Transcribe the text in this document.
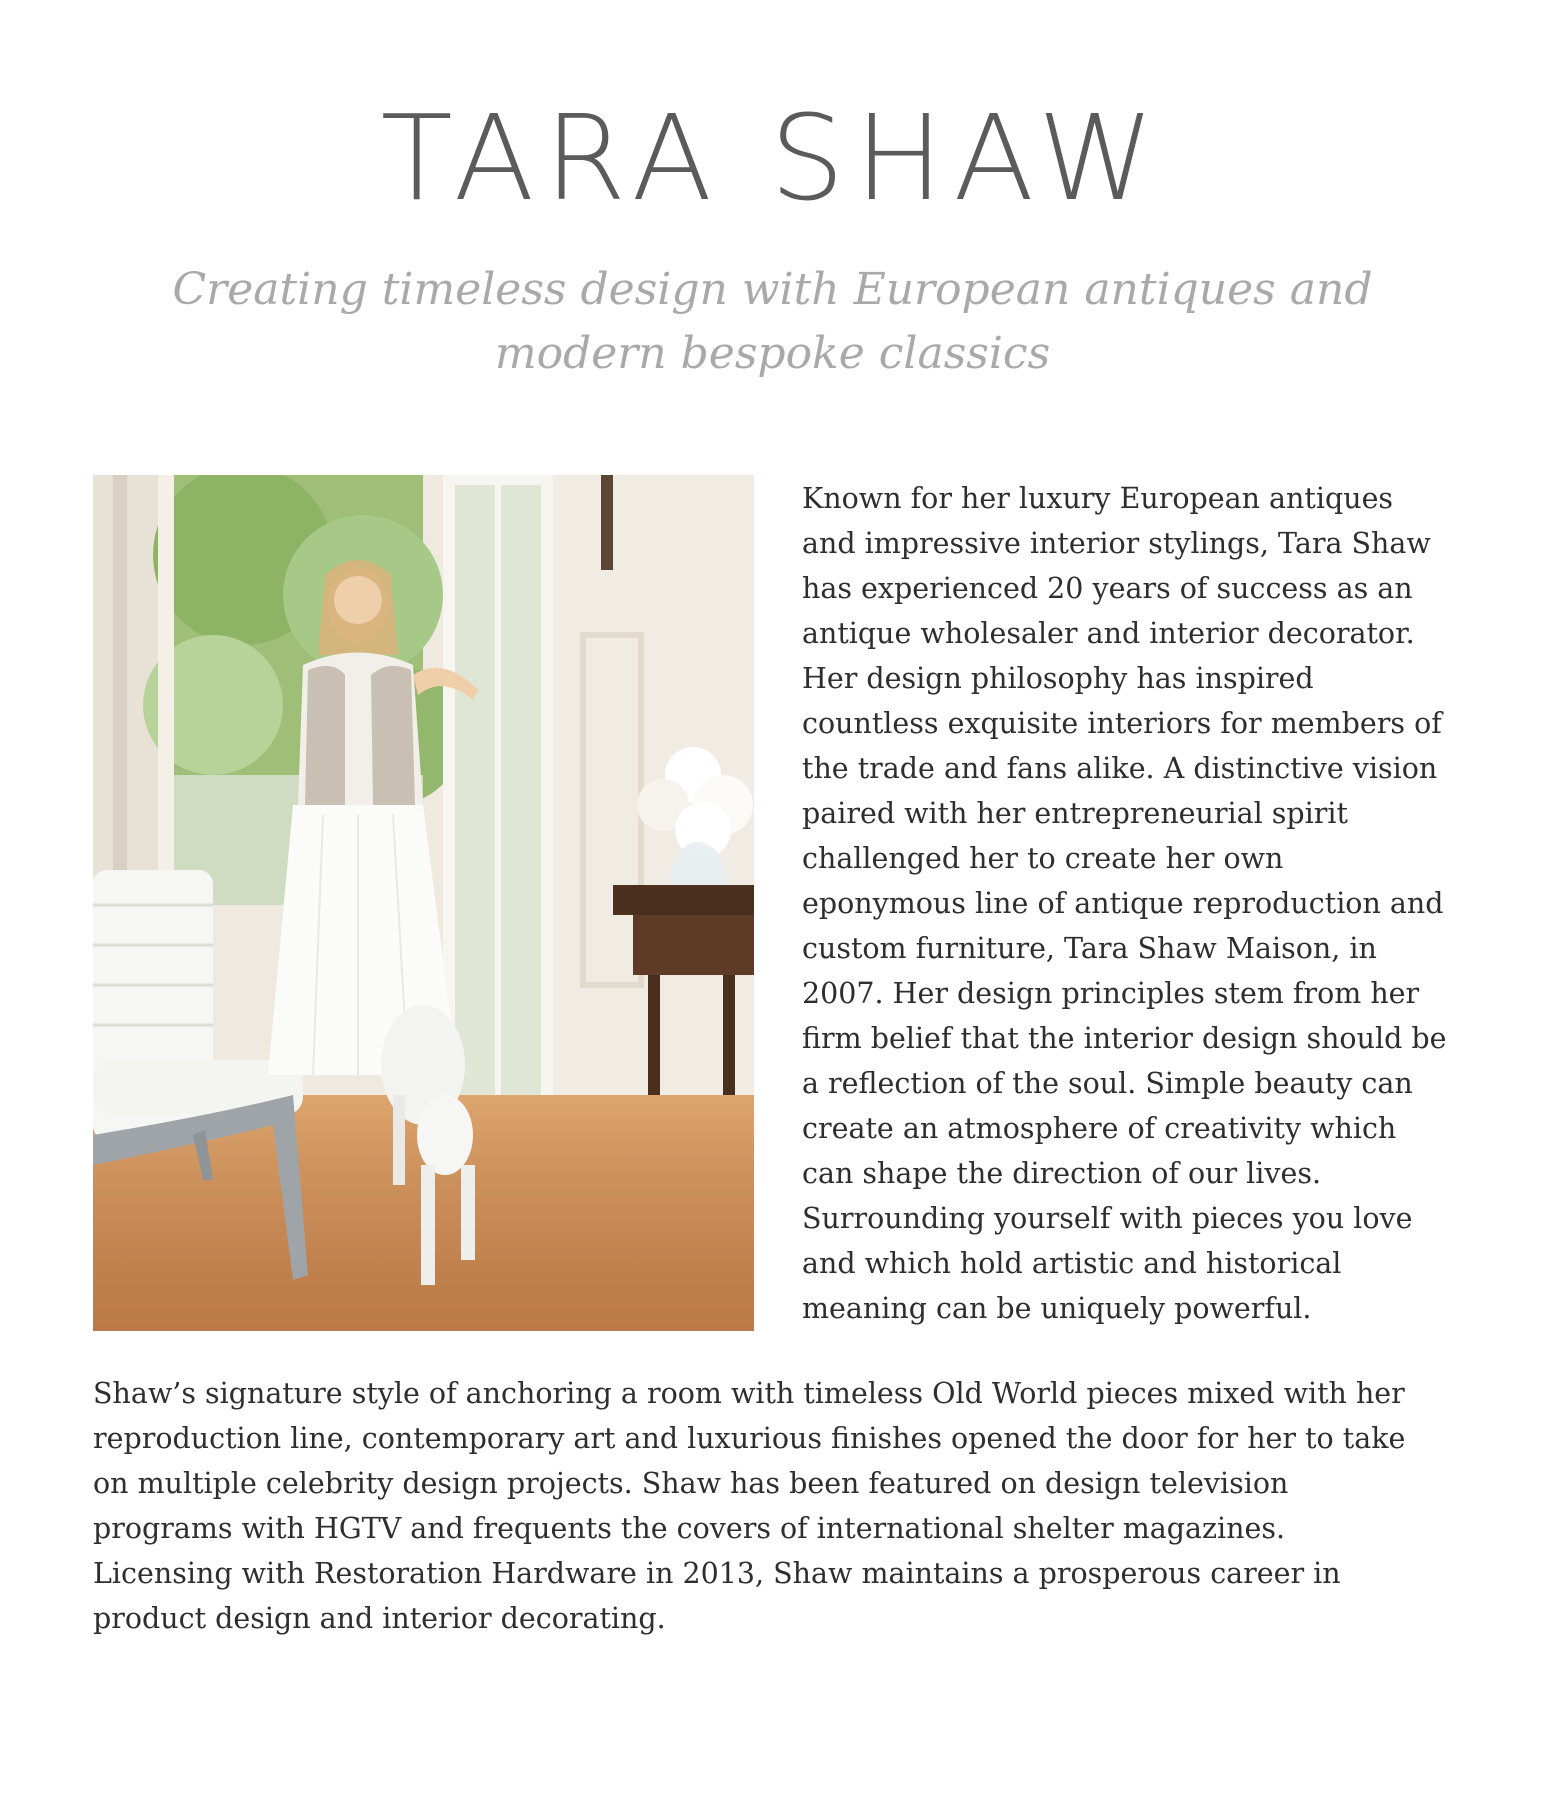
TARA SHAW

Creating timeless design with European antiques and
modern bespoke classics

Known for her luxury European antiques
and impressive interior stylings, Tara Shaw
has experienced 20 years of success as an
antique wholesaler and interior decorator.
Her design philosophy has inspired
countless exquisite interiors for members of
the trade and fans alike. A distinctive vision
paired with her entrepreneurial spirit
challenged her to create her own
eponymous line of antique reproduction and
custom furniture, Tara Shaw Maison, in
2007. Her design principles stem from her
firm belief that the interior design should be
a reflection of the soul. Simple beauty can
create an atmosphere of creativity which
can shape the direction of our lives.
Surrounding yourself with pieces you love
and which hold artistic and historical
meaning can be uniquely powerful.

Shaw’s signature style of anchoring a room with timeless Old World pieces mixed with her
reproduction line, contemporary art and luxurious finishes opened the door for her to take
on multiple celebrity design projects. Shaw has been featured on design television
programs with HGTV and frequents the covers of international shelter magazines.
Licensing with Restoration Hardware in 2013, Shaw maintains a prosperous career in
product design and interior decorating.
